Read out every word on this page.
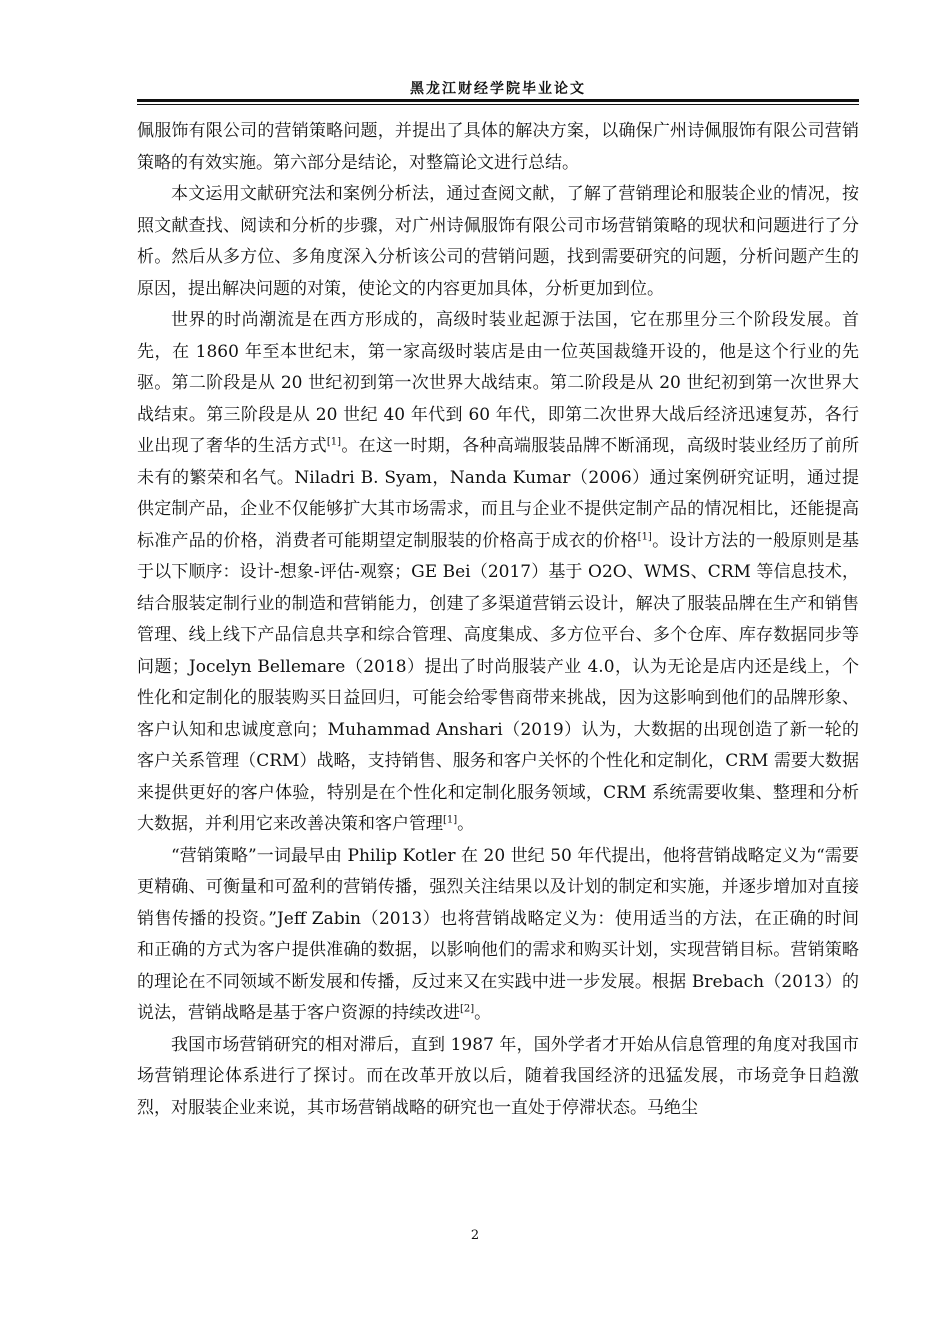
黑龙江财经学院毕业论文

佩服饰有限公司的营销策略问题，并提出了具体的解决方案，以确保广州诗佩服饰有限公司营销策略的有效实施。第六部分是结论，对整篇论文进行总结。

本文运用文献研究法和案例分析法，通过查阅文献，了解了营销理论和服装企业的情况，按照文献查找、阅读和分析的步骤，对广州诗佩服饰有限公司市场营销策略的现状和问题进行了分析。然后从多方位、多角度深入分析该公司的营销问题，找到需要研究的问题，分析问题产生的原因，提出解决问题的对策，使论文的内容更加具体，分析更加到位。

世界的时尚潮流是在西方形成的，高级时装业起源于法国，它在那里分三个阶段发展。首先，在 1860 年至本世纪末，第一家高级时装店是由一位英国裁缝开设的，他是这个行业的先驱。第二阶段是从 20 世纪初到第一次世界大战结束。第二阶段是从 20 世纪初到第一次世界大战结束。第三阶段是从 20 世纪 40 年代到 60 年代，即第二次世界大战后经济迅速复苏，各行业出现了奢华的生活方式[1]。在这一时期，各种高端服装品牌不断涌现，高级时装业经历了前所未有的繁荣和名气。Niladri B. Syam，Nanda Kumar（2006）通过案例研究证明，通过提供定制产品，企业不仅能够扩大其市场需求，而且与企业不提供定制产品的情况相比，还能提高标准产品的价格，消费者可能期望定制服装的价格高于成衣的价格[1]。设计方法的一般原则是基于以下顺序：设计-想象-评估-观察；GE Bei（2017）基于 O2O、WMS、CRM 等信息技术，结合服装定制行业的制造和营销能力，创建了多渠道营销云设计，解决了服装品牌在生产和销售管理、线上线下产品信息共享和综合管理、高度集成、多方位平台、多个仓库、库存数据同步等问题；Jocelyn Bellemare（2018）提出了时尚服装产业 4.0，认为无论是店内还是线上，个性化和定制化的服装购买日益回归，可能会给零售商带来挑战，因为这影响到他们的品牌形象、客户认知和忠诚度意向；Muhammad Anshari（2019）认为，大数据的出现创造了新一轮的客户关系管理（CRM）战略，支持销售、服务和客户关怀的个性化和定制化，CRM 需要大数据来提供更好的客户体验，特别是在个性化和定制化服务领域，CRM 系统需要收集、整理和分析大数据，并利用它来改善决策和客户管理[1]。

“营销策略”一词最早由 Philip Kotler 在 20 世纪 50 年代提出，他将营销战略定义为“需要更精确、可衡量和可盈利的营销传播，强烈关注结果以及计划的制定和实施，并逐步增加对直接销售传播的投资。”Jeff Zabin（2013）也将营销战略定义为：使用适当的方法，在正确的时间和正确的方式为客户提供准确的数据，以影响他们的需求和购买计划，实现营销目标。营销策略的理论在不同领域不断发展和传播，反过来又在实践中进一步发展。根据 Brebach（2013）的说法，营销战略是基于客户资源的持续改进[2]。

我国市场营销研究的相对滞后，直到 1987 年，国外学者才开始从信息管理的角度对我国市场营销理论体系进行了探讨。而在改革开放以后，随着我国经济的迅猛发展，市场竞争日趋激烈，对服装企业来说，其市场营销战略的研究也一直处于停滞状态。马绝尘

2
